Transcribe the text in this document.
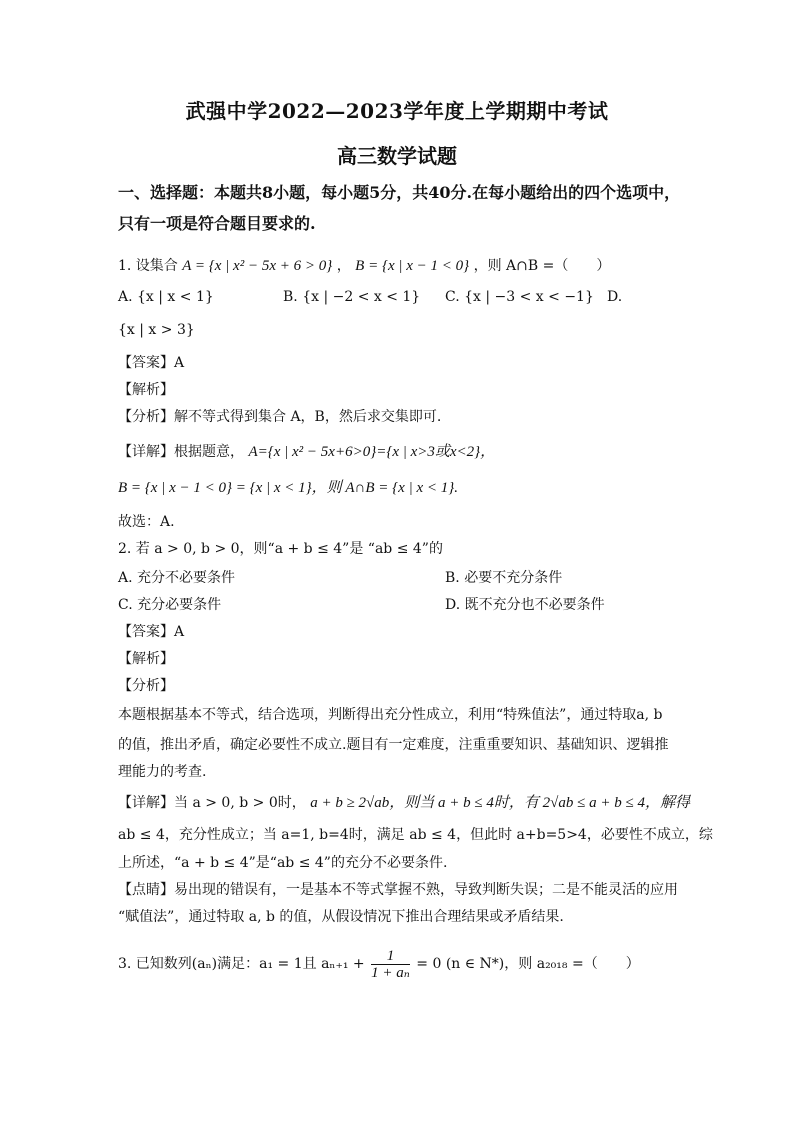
武强中学2022—2023学年度上学期期中考试
高三数学试题
一、选择题：本题共8小题，每小题5分，共40分.在每小题给出的四个选项中，
只有一项是符合题目要求的.
1. 设集合 A = {x | x² − 5x + 6 > 0} ， B = {x | x − 1 < 0} ，则 A∩B =（　　）
A. {x | x < 1}	B. {x | −2 < x < 1} C. {x | −3 < x < −1} D.
{x | x > 3}
【答案】A
【解析】
【分析】解不等式得到集合 A，B，然后求交集即可.
【详解】根据题意， A={x | x² − 5x+6>0}={x | x>3或x<2}，
B = {x | x − 1 < 0} = {x | x < 1}，则 A∩B = {x | x < 1}.
故选：A.
2. 若 a > 0, b > 0，则“a + b ≤ 4”是 “ab ≤ 4”的
A. 充分不必要条件	B. 必要不充分条件
C. 充分必要条件	D. 既不充分也不必要条件
【答案】A
【解析】
【分析】
本题根据基本不等式，结合选项，判断得出充分性成立，利用“特殊值法”，通过特取a, b
的值，推出矛盾，确定必要性不成立.题目有一定难度，注重重要知识、基础知识、逻辑推
理能力的考查.
【详解】当 a > 0, b > 0时， a + b ≥ 2√ab，则当 a + b ≤ 4时，有 2√ab ≤ a + b ≤ 4，解得
ab ≤ 4，充分性成立；当 a=1, b=4时，满足 ab ≤ 4，但此时 a+b=5>4，必要性不成立，综
上所述，“a + b ≤ 4”是“ab ≤ 4”的充分不必要条件.
【点睛】易出现的错误有，一是基本不等式掌握不熟，导致判断失误；二是不能灵活的应用
“赋值法”，通过特取 a, b 的值，从假设情况下推出合理结果或矛盾结果.
3. 已知数列(aₙ)满足：a₁ = 1且 $a_{n+1} + \frac{1}{\text{1 + aₙ}} = 0$ (n ∈ N*)，则 a₂₀₁₈ =（　　）
